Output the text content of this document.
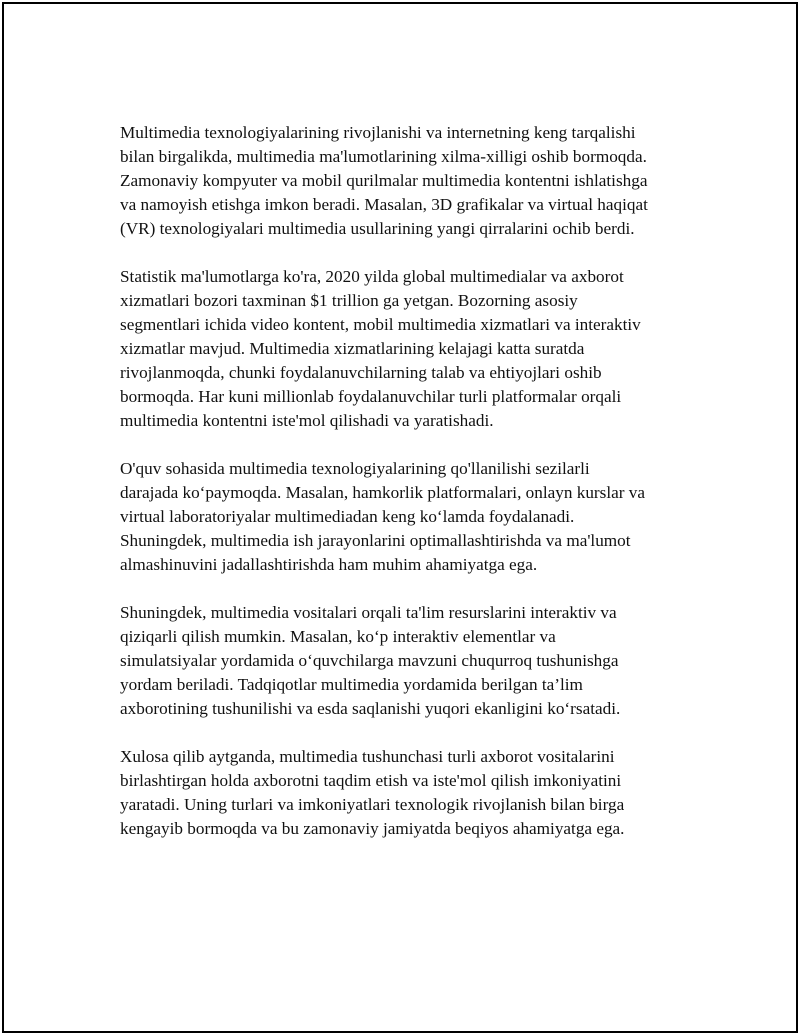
Multimedia texnologiyalarining rivojlanishi va internetning keng tarqalishi
bilan birgalikda, multimedia ma'lumotlarining xilma-xilligi oshib bormoqda.
Zamonaviy kompyuter va mobil qurilmalar multimedia kontentni ishlatishga
va namoyish etishga imkon beradi. Masalan, 3D grafikalar va virtual haqiqat
(VR) texnologiyalari multimedia usullarining yangi qirralarini ochib berdi.

Statistik ma'lumotlarga ko'ra, 2020 yilda global multimedialar va axborot
xizmatlari bozori taxminan $1 trillion ga yetgan. Bozorning asosiy
segmentlari ichida video kontent, mobil multimedia xizmatlari va interaktiv
xizmatlar mavjud. Multimedia xizmatlarining kelajagi katta suratda
rivojlanmoqda, chunki foydalanuvchilarning talab va ehtiyojlari oshib
bormoqda. Har kuni millionlab foydalanuvchilar turli platformalar orqali
multimedia kontentni iste'mol qilishadi va yaratishadi.

O'quv sohasida multimedia texnologiyalarining qo'llanilishi sezilarli
darajada ko‘paymoqda. Masalan, hamkorlik platformalari, onlayn kurslar va
virtual laboratoriyalar multimediadan keng ko‘lamda foydalanadi.
Shuningdek, multimedia ish jarayonlarini optimallashtirishda va ma'lumot
almashinuvini jadallashtirishda ham muhim ahamiyatga ega.

Shuningdek, multimedia vositalari orqali ta'lim resurslarini interaktiv va
qiziqarli qilish mumkin. Masalan, ko‘p interaktiv elementlar va
simulatsiyalar yordamida o‘quvchilarga mavzuni chuqurroq tushunishga
yordam beriladi. Tadqiqotlar multimedia yordamida berilgan ta’lim
axborotining tushunilishi va esda saqlanishi yuqori ekanligini ko‘rsatadi.

Xulosa qilib aytganda, multimedia tushunchasi turli axborot vositalarini
birlashtirgan holda axborotni taqdim etish va iste'mol qilish imkoniyatini
yaratadi. Uning turlari va imkoniyatlari texnologik rivojlanish bilan birga
kengayib bormoqda va bu zamonaviy jamiyatda beqiyos ahamiyatga ega.
